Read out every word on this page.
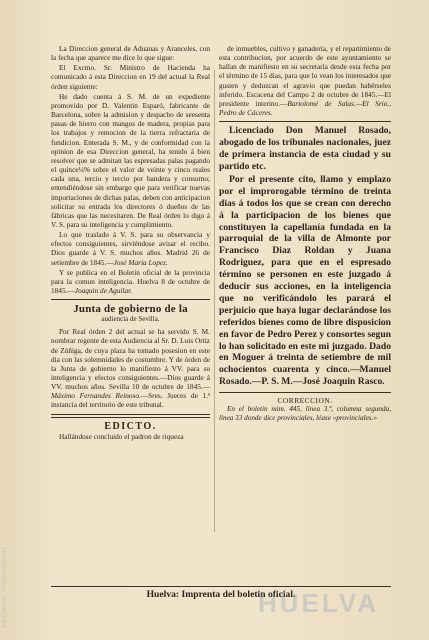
La Direccion general de Aduanas y Aranceles, con la fecha que aparece me dice lo que sigue:

El Excmo. Sr. Ministro de Hacienda ha comunicado á esta Direccion en 19 del actual la Real órden siguiente:

He dado cuenta á S. M. de un expediente promovido por D. Valentin Esparó, fabricante de Barcelona, sobre la admision y despacho de seesenta pasas de hierro con mangos de madera, propias para los trabajos y remocion de la tierra refractaria de fundicion. Enterada S. M., y de conformidad con la opinion de esa Direccion general, ha tenido á bien resolver que se admitan las espresadas palas pagando el quince¼% sobre el valor de veinte y cinco reales cada una, tercio y tercio por bandera y consumo; entendiéndose sin embargo que para verificar nuevas importaciones de dichas palas, deben con anticipacion solicitar su entrada los directores ó dueños de las fábricas que las necesitaren. De Real órden lo digo á V. S. para su inteligencia y cumplimiento.

Lo que traslado á V. S. para su observancia y efectos consiguientes, sirviéndose avisar el recibo. Dios guarde á V. S. muchos años. Madrid 26 de setiembre de 1845.—José María Lopez.

Y se publica en el Boletin oficial de la provincia para la comun inteligencia. Huelva 8 de octubre de 1845.—Joaquin de Aguilar.

Junta de gobierno de la
audiencia de Sevilla.

Por Real órden 2 del actual se ha servido S. M. nombrar regente de esta Audiencia al Sr. D. Luis Ortiz de Zúñiga, de cuya plaza ha tomado posesion en este dia con las solemnidades de costumbre. Y de órden de la Junta de gobierno lo manifiesto á VV. para su inteligencia y efectos consiguientes.—Dios guarde á VV. muchos años. Sevilla 10 de octubre de 1845.—Máximo Fernandes Reinoso.—Sres. Jueces de 1.ª instancia del territorio de este tribunal.

EDICTO.

Hallándose concluido el padron de riqueza

de inmuebles, cultivo y ganaderia, y el repartimiento de esta contribucion, por acuerdo de este ayuntamiento se hallan de manifiesto en su secretaría desde esta fecha por el término de 15 dias, para que lo vean los interesados que gusten y deduzcan el agravio que puedan habérseles inferido. Escacena del Campo 2 de octubre de 1845.—El presidente interino.—Bartolomé de Salas.—El Srio., Pedro de Cáceres.

Licenciado Don Manuel Rosado, abogado de los tribunales nacionales, juez de primera instancia de esta ciudad y su partido etc.

Por el presente cito, llamo y emplazo por el improrogable término de treinta dias á todos los que se crean con derecho á la participacion de los bienes que constituyen la capellanía fundada en la parroquial de la villa de Almonte por Francisco Diaz Roldan y Juana Rodriguez, para que en el espresado término se personen en este juzgado á deducir sus acciones, en la inteligencia que no verificándolo les parará el perjuicio que haya lugar declarándose los referidos bienes como de libre disposicion en favor de Pedro Perez y consortes segun lo han solicitado en este mi juzgado. Dado en Moguer á treinta de setiembre de mil ochocientos cuarenta y cinco.—Manuel Rosado.—P. S. M.—José Joaquin Rasco.

CORRECCION.

En el boletin núm. 445, línea 3.ª, columna segunda, línea 33 donde dice provinciales, léase «provinciales.»

Huelva: Imprenta del boletin oficial.
HUELVA
ARCHIVO PROVINCIAL
